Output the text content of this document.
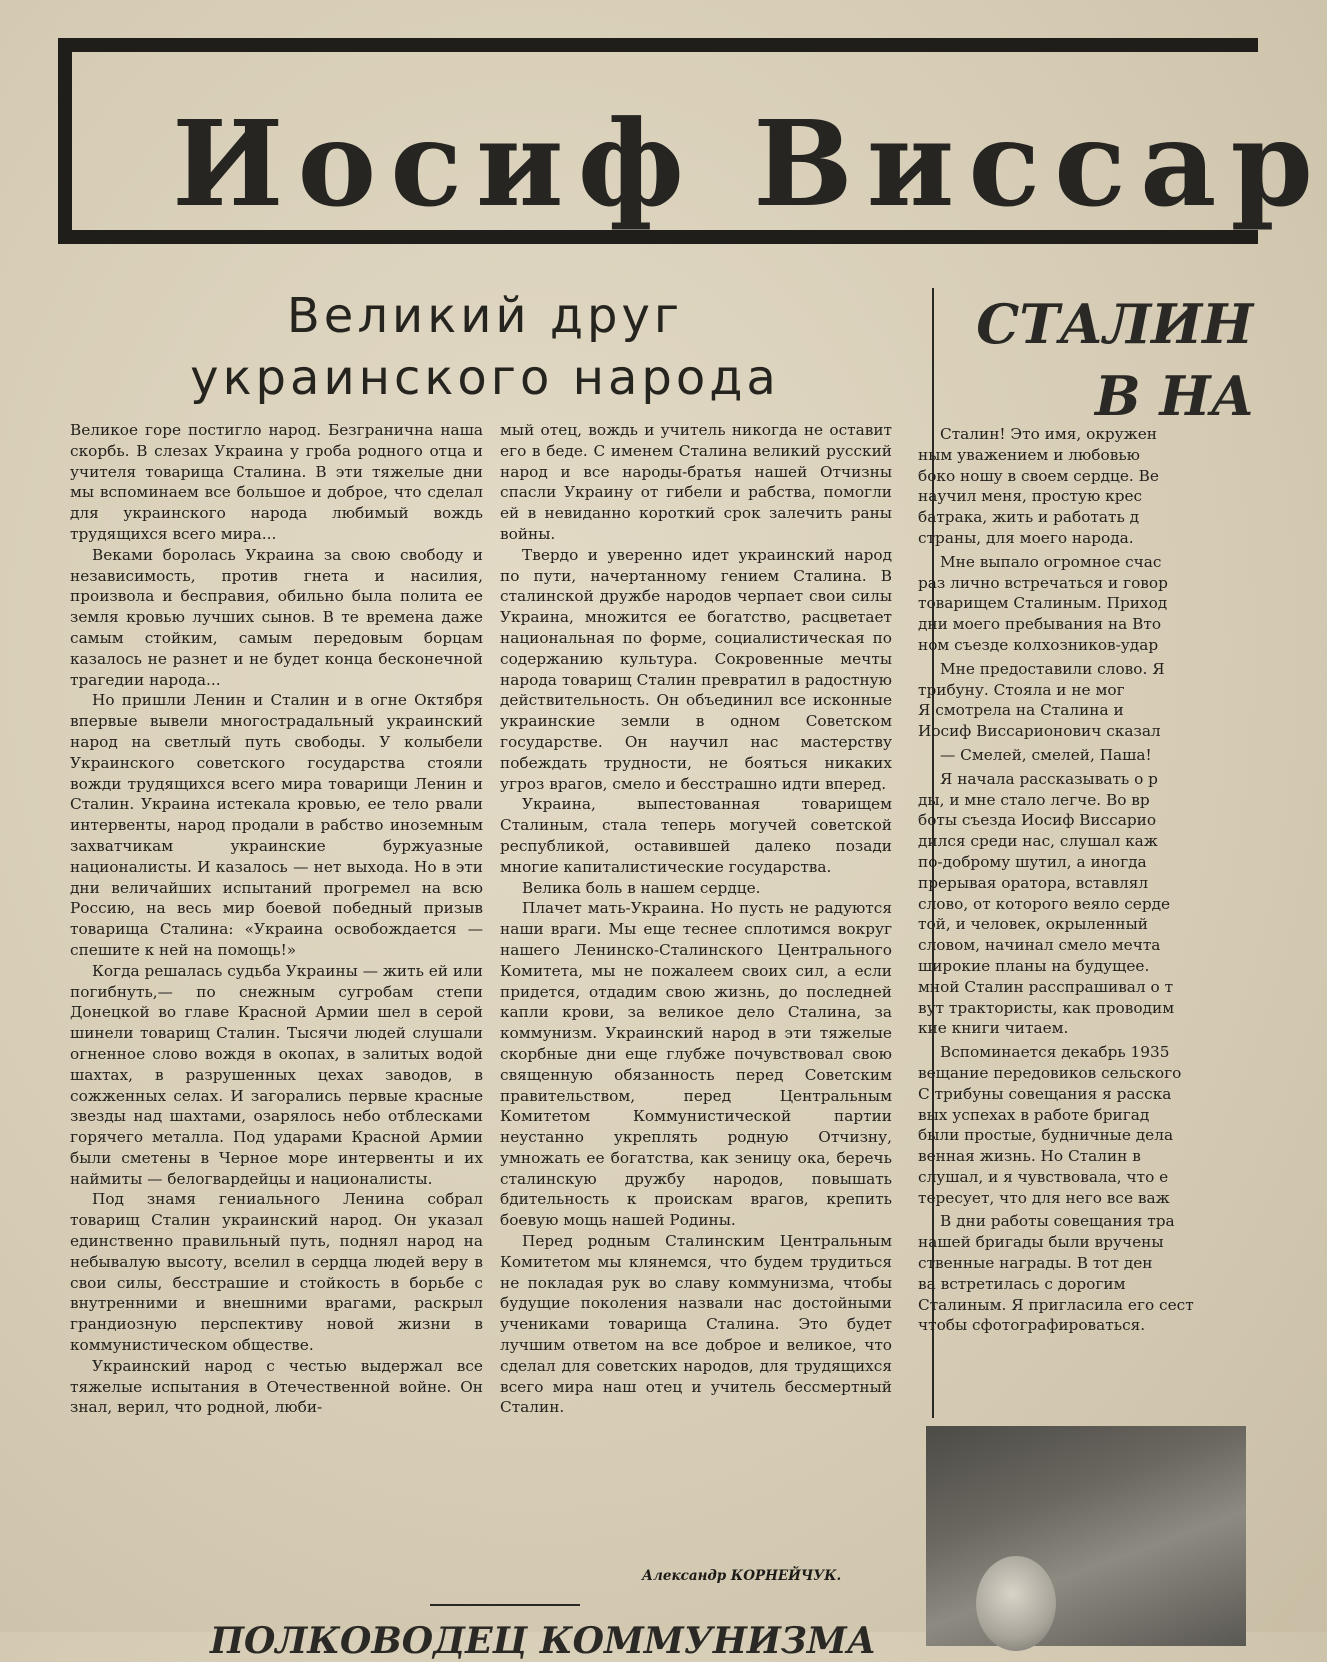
Иосиф Виссар
Великий друг
украинского народа

Великое горе постигло народ. Безгранична наша скорбь. В слезах Украина у гроба родного отца и учителя товарища Сталина. В эти тяжелые дни мы вспоминаем все большое и доброе, что сделал для украинского народа любимый вождь трудящихся всего мира...

Веками боролась Украина за свою свободу и независимость, против гнета и насилия, произвола и бесправия, обильно была полита ее земля кровью лучших сынов. В те времена даже самым стойким, самым передовым борцам казалось не разнет и не будет конца бесконечной трагедии народа...

Но пришли Ленин и Сталин и в огне Октября впервые вывели многострадальный украинский народ на светлый путь свободы. У колыбели Украинского советского государства стояли вожди трудящихся всего мира товарищи Ленин и Сталин. Украина истекала кровью, ее тело рвали интервенты, народ продали в рабство иноземным захватчикам украинские буржуазные националисты. И казалось — нет выхода. Но в эти дни величайших испытаний прогремел на всю Россию, на весь мир боевой победный призыв товарища Сталина: «Украина освобождается — спешите к ней на помощь!»

Когда решалась судьба Украины — жить ей или погибнуть,— по снежным сугробам степи Донецкой во главе Красной Армии шел в серой шинели товарищ Сталин. Тысячи людей слушали огненное слово вождя в окопах, в залитых водой шахтах, в разрушенных цехах заводов, в сожженных селах. И загорались первые красные звезды над шахтами, озарялось небо отблесками горячего металла. Под ударами Красной Армии были сметены в Черное море интервенты и их наймиты — белогвардейцы и националисты.

Под знамя гениального Ленина собрал товарищ Сталин украинский народ. Он указал единственно правильный путь, поднял народ на небывалую высоту, вселил в сердца людей веру в свои силы, бесстрашие и стойкость в борьбе с внутренними и внешними врагами, раскрыл грандиозную перспективу новой жизни в коммунистическом обществе.

Украинский народ с честью выдержал все тяжелые испытания в Отечественной войне. Он знал, верил, что родной, люби-

мый отец, вождь и учитель никогда не оставит его в беде. С именем Сталина великий русский народ и все народы-братья нашей Отчизны спасли Украину от гибели и рабства, помогли ей в невиданно короткий срок залечить раны войны.

Твердо и уверенно идет украинский народ по пути, начертанному гением Сталина. В сталинской дружбе народов черпает свои силы Украина, множится ее богатство, расцветает национальная по форме, социалистическая по содержанию культура. Сокровенные мечты народа товарищ Сталин превратил в радостную действительность. Он объединил все исконные украинские земли в одном Советском государстве. Он научил нас мастерству побеждать трудности, не бояться никаких угроз врагов, смело и бесстрашно идти вперед.

Украина, выпестованная товарищем Сталиным, стала теперь могучей советской республикой, оставившей далеко позади многие капиталистические государства.

Велика боль в нашем сердце.

Плачет мать-Украина. Но пусть не радуются наши враги. Мы еще теснее сплотимся вокруг нашего Ленинско-Сталинского Центрального Комитета, мы не пожалеем своих сил, а если придется, отдадим свою жизнь, до последней капли крови, за великое дело Сталина, за коммунизм. Украинский народ в эти тяжелые скорбные дни еще глубже почувствовал свою священную обязанность перед Советским правительством, перед Центральным Комитетом Коммунистической партии неустанно укреплять родную Отчизну, умножать ее богатства, как зеницу ока, беречь сталинскую дружбу народов, повышать бдительность к проискам врагов, крепить боевую мощь нашей Родины.

Перед родным Сталинским Центральным Комитетом мы клянемся, что будем трудиться не покладая рук во славу коммунизма, чтобы будущие поколения назвали нас достойными учениками товарища Сталина. Это будет лучшим ответом на все доброе и великое, что сделал для советских народов, для трудящихся всего мира наш отец и учитель бессмертный Сталин.

Александр КОРНЕЙЧУК.

СТАЛИН
В НА
Сталин! Это имя, окружен
ным уважением и любовью
боко ношу в своем сердце. Ве
научил меня, простую крес
батрака, жить и работать д
страны, для моего народа.
Мне выпало огромное счас
раз лично встречаться и говор
товарищем Сталиным. Приход
дни моего пребывания на Вто
ном съезде колхозников-удар
Мне предоставили слово. Я
трибуну. Стояла и не мог
Я смотрела на Сталина и
Иосиф Виссарионович сказал
— Смелей, смелей, Паша!
Я начала рассказывать о р
ды, и мне стало легче. Во вр
боты съезда Иосиф Виссарио
дился среди нас, слушал каж
по-доброму шутил, а иногда
прерывая оратора, вставлял
слово, от которого веяло серде
той, и человек, окрыленный
словом, начинал смело мечта
широкие планы на будущее.
мной Сталин расспрашивал о т
вут трактористы, как проводим
кие книги читаем.
Вспоминается декабрь 1935
вещание передовиков сельского
С трибуны совещания я расска
вых успехах в работе бригад
были простые, будничные дела
венная жизнь. Но Сталин в
слушал, и я чувствовала, что е
тересует, что для него все важ
В дни работы совещания тра
нашей бригады были вручены
ственные награды. В тот ден
ва встретилась с дорогим
Сталиным. Я пригласила его сест
чтобы сфотографироваться.

ПОЛКОВОДЕЦ КОММУНИЗМА
